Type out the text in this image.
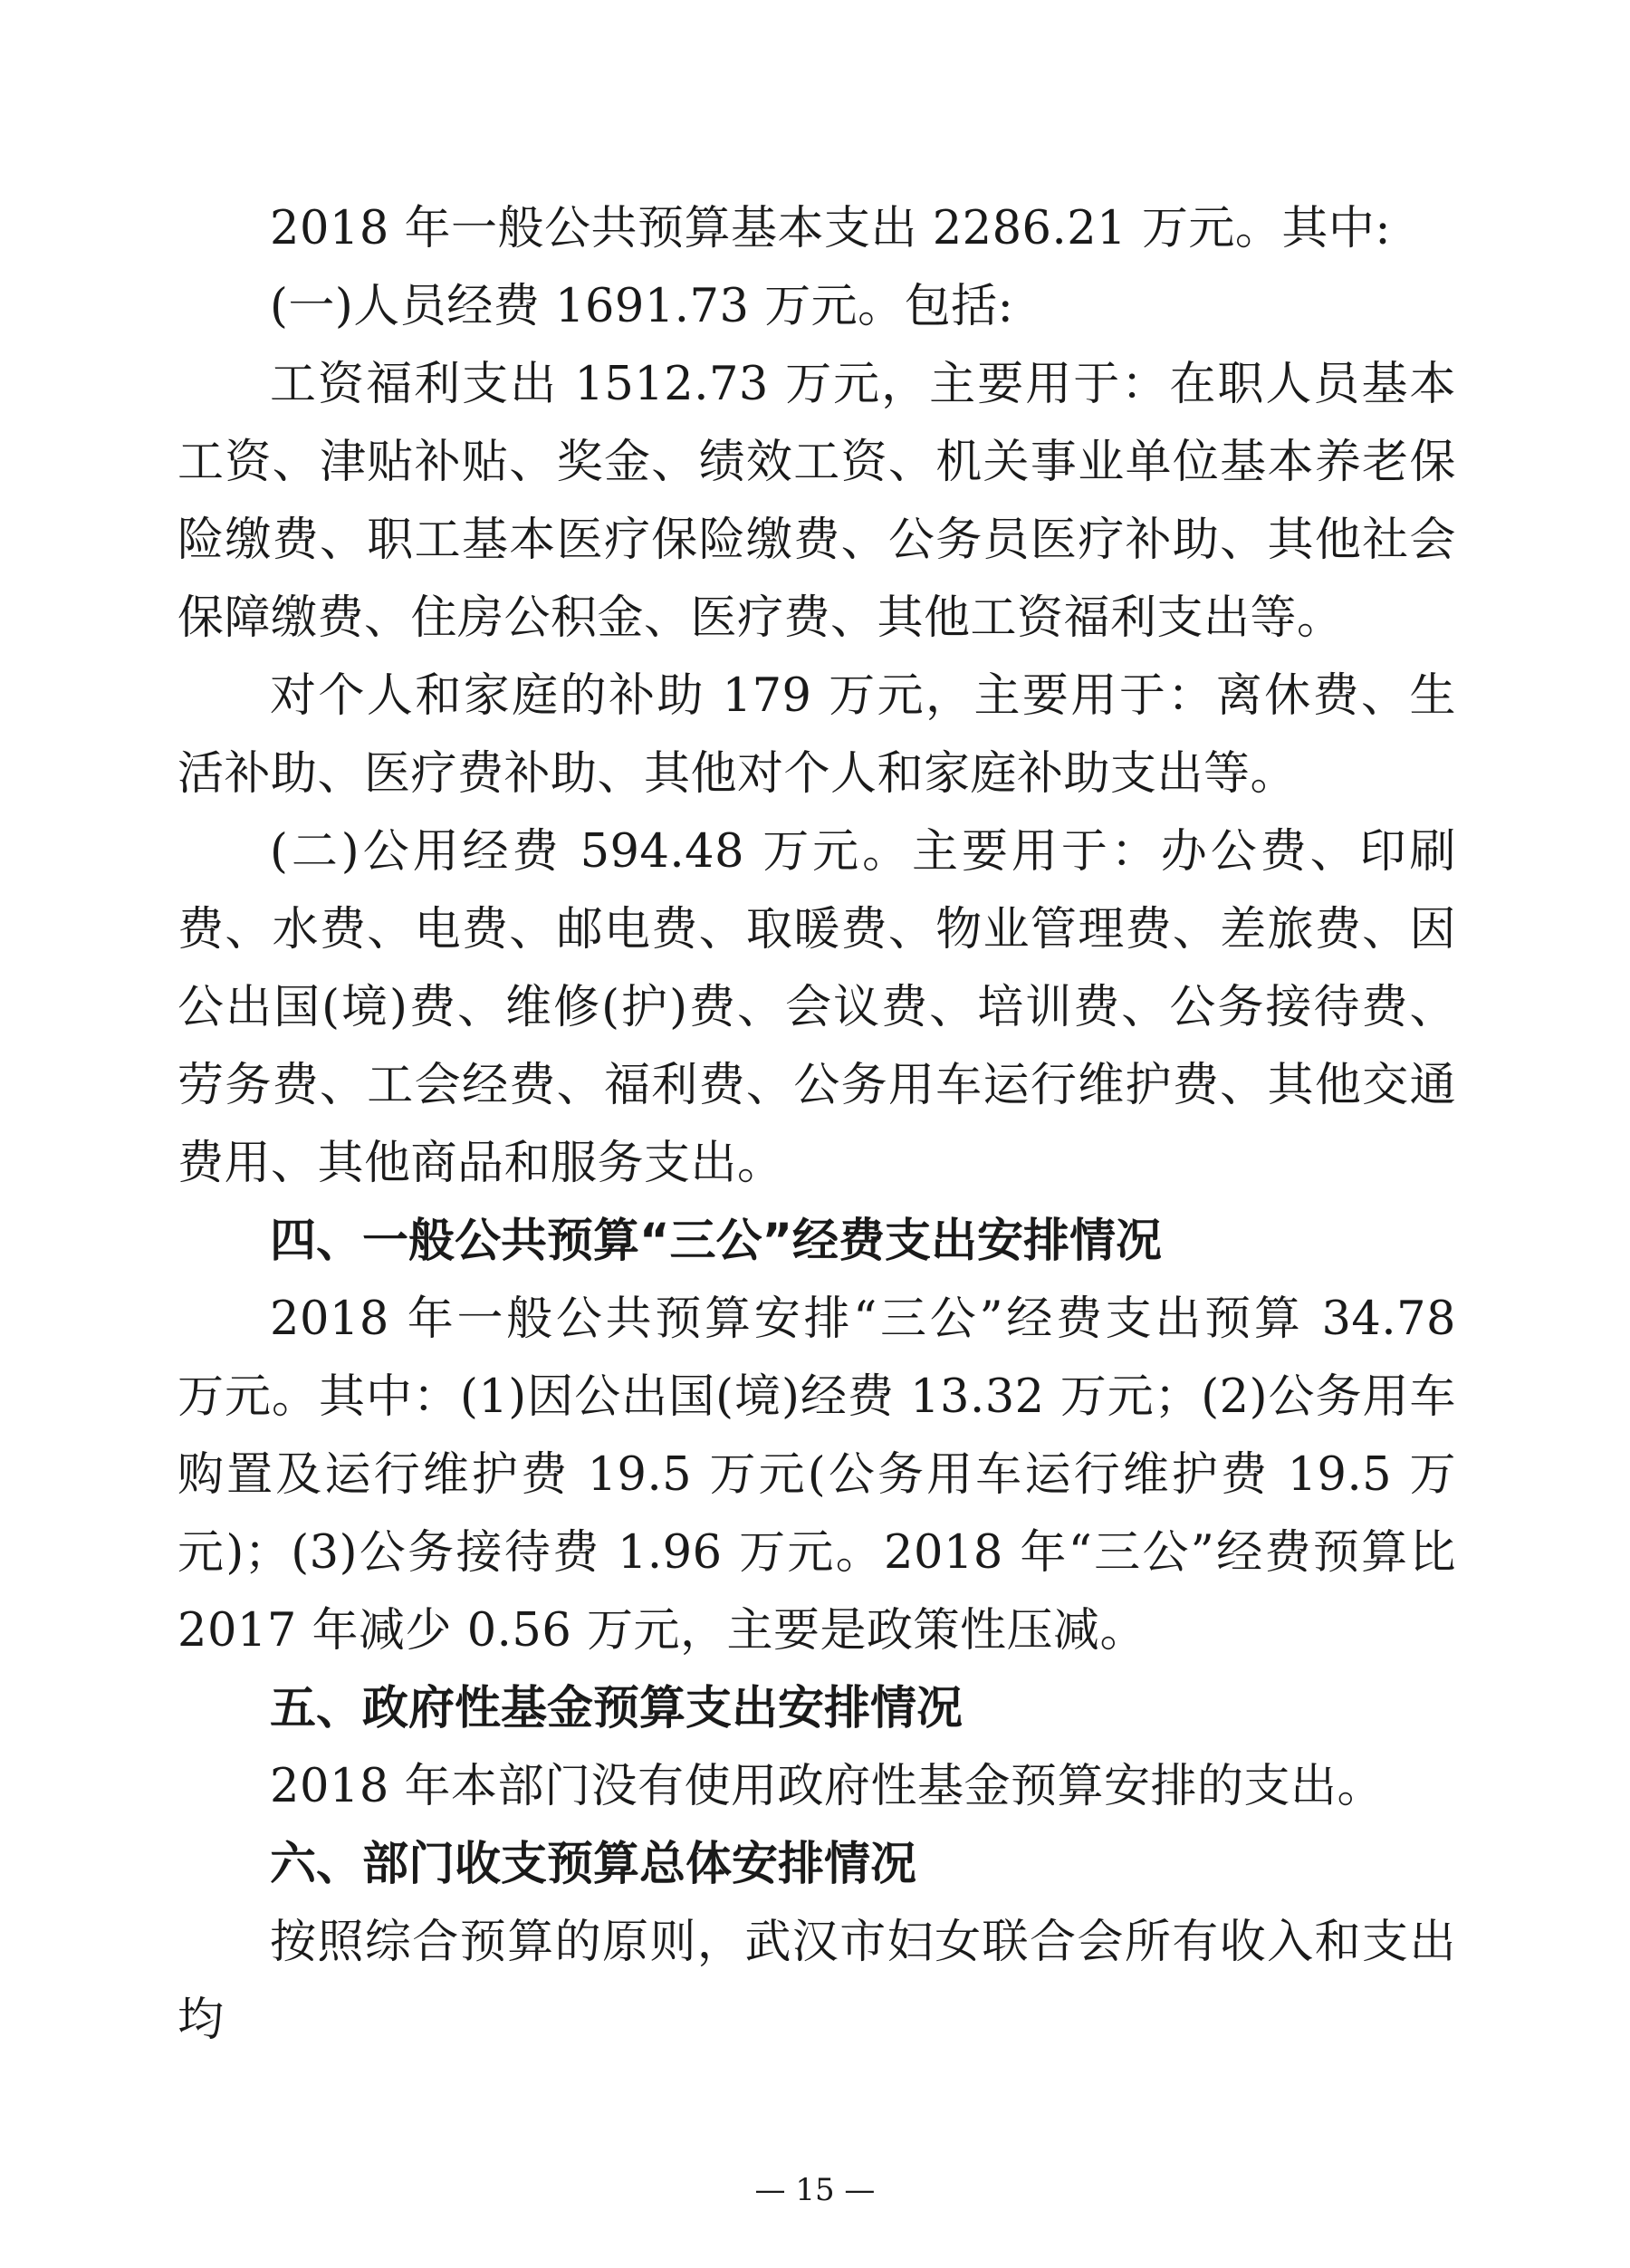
2018 年一般公共预算基本支出 2286.21 万元。其中:

(一)人员经费 1691.73 万元。包括:

工资福利支出 1512.73 万元，主要用于：在职人员基本工资、津贴补贴、奖金、绩效工资、机关事业单位基本养老保险缴费、职工基本医疗保险缴费、公务员医疗补助、其他社会保障缴费、住房公积金、医疗费、其他工资福利支出等。

对个人和家庭的补助 179 万元，主要用于：离休费、生活补助、医疗费补助、其他对个人和家庭补助支出等。

(二)公用经费 594.48 万元。主要用于：办公费、印刷费、水费、电费、邮电费、取暖费、物业管理费、差旅费、因公出国(境)费、维修(护)费、会议费、培训费、公务接待费、劳务费、工会经费、福利费、公务用车运行维护费、其他交通费用、其他商品和服务支出。

四、一般公共预算“三公”经费支出安排情况

2018 年一般公共预算安排“三公”经费支出预算 34.78 万元。其中：(1)因公出国(境)经费 13.32 万元；(2)公务用车购置及运行维护费 19.5 万元(公务用车运行维护费 19.5 万元)；(3)公务接待费 1.96 万元。2018 年“三公”经费预算比 2017 年减少 0.56 万元，主要是政策性压减。

五、政府性基金预算支出安排情况

2018 年本部门没有使用政府性基金预算安排的支出。

六、部门收支预算总体安排情况

按照综合预算的原则，武汉市妇女联合会所有收入和支出均

— 15 —
